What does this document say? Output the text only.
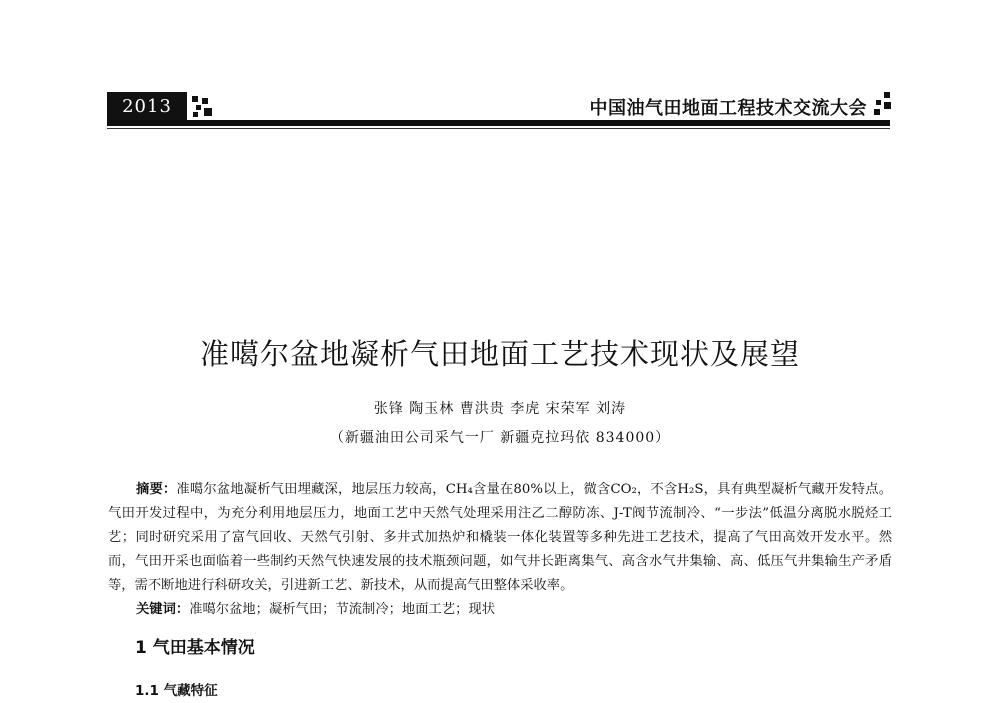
2013	中国油气田地面工程技术交流大会
准噶尔盆地凝析气田地面工艺技术现状及展望
张锋 陶玉林 曹洪贵 李虎 宋荣军 刘涛
（新疆油田公司采气一厂 新疆克拉玛依 834000）

摘要：准噶尔盆地凝析气田埋藏深，地层压力较高，CH₄含量在80%以上，微含CO₂，不含H₂S，具有典型凝析气藏开发特点。气田开发过程中，为充分利用地层压力，地面工艺中天然气处理采用注乙二醇防冻、J-T阀节流制冷、“一步法”低温分离脱水脱烃工艺；同时研究采用了富气回收、天然气引射、多井式加热炉和橇装一体化装置等多种先进工艺技术，提高了气田高效开发水平。然而，气田开采也面临着一些制约天然气快速发展的技术瓶颈问题，如气井长距离集气、高含水气井集输、高、低压气井集输生产矛盾等，需不断地进行科研攻关，引进新工艺、新技术，从而提高气田整体采收率。

关键词：准噶尔盆地；凝析气田；节流制冷；地面工艺；现状

1 气田基本情况
1.1 气藏特征
